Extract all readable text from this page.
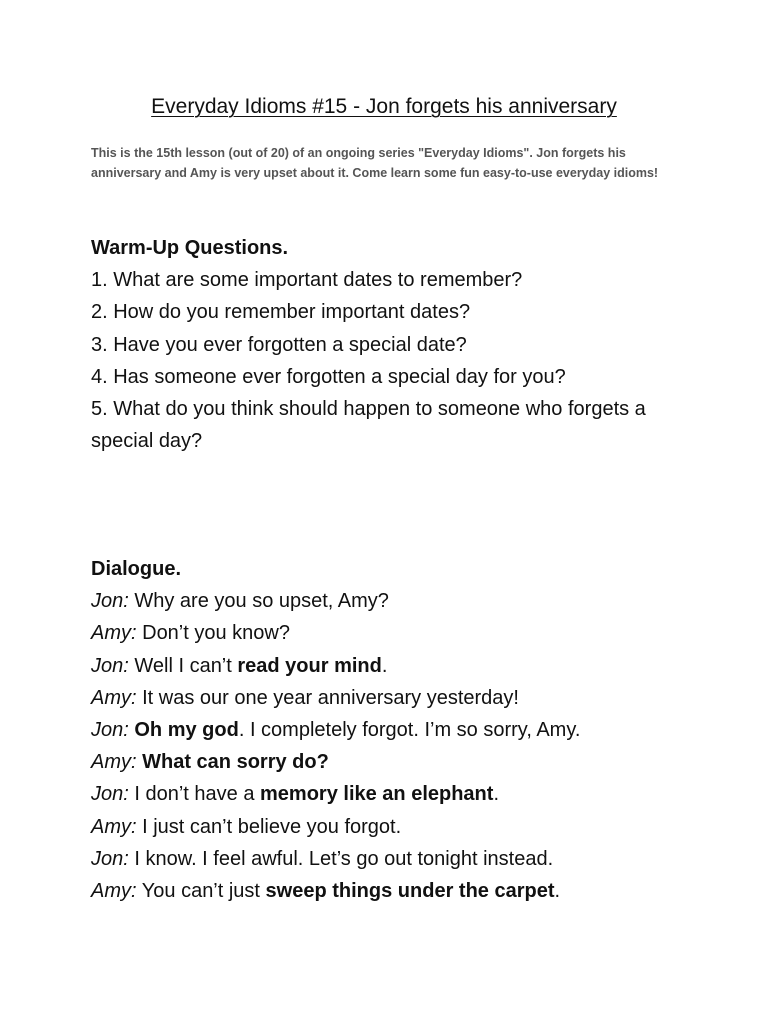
Everyday Idioms #15 - Jon forgets his anniversary
This is the 15th lesson (out of 20) of an ongoing series "Everyday Idioms". Jon forgets his anniversary and Amy is very upset about it. Come learn some fun easy-to-use everyday idioms!
Warm-Up Questions.
1. What are some important dates to remember?
2. How do you remember important dates?
3. Have you ever forgotten a special date?
4. Has someone ever forgotten a special day for you?
5. What do you think should happen to someone who forgets a special day?
Dialogue.
Jon: Why are you so upset, Amy?
Amy: Don’t you know?
Jon: Well I can’t read your mind.
Amy: It was our one year anniversary yesterday!
Jon: Oh my god. I completely forgot. I’m so sorry, Amy.
Amy: What can sorry do?
Jon: I don’t have a memory like an elephant.
Amy: I just can’t believe you forgot.
Jon: I know. I feel awful. Let’s go out tonight instead.
Amy: You can’t just sweep things under the carpet.
